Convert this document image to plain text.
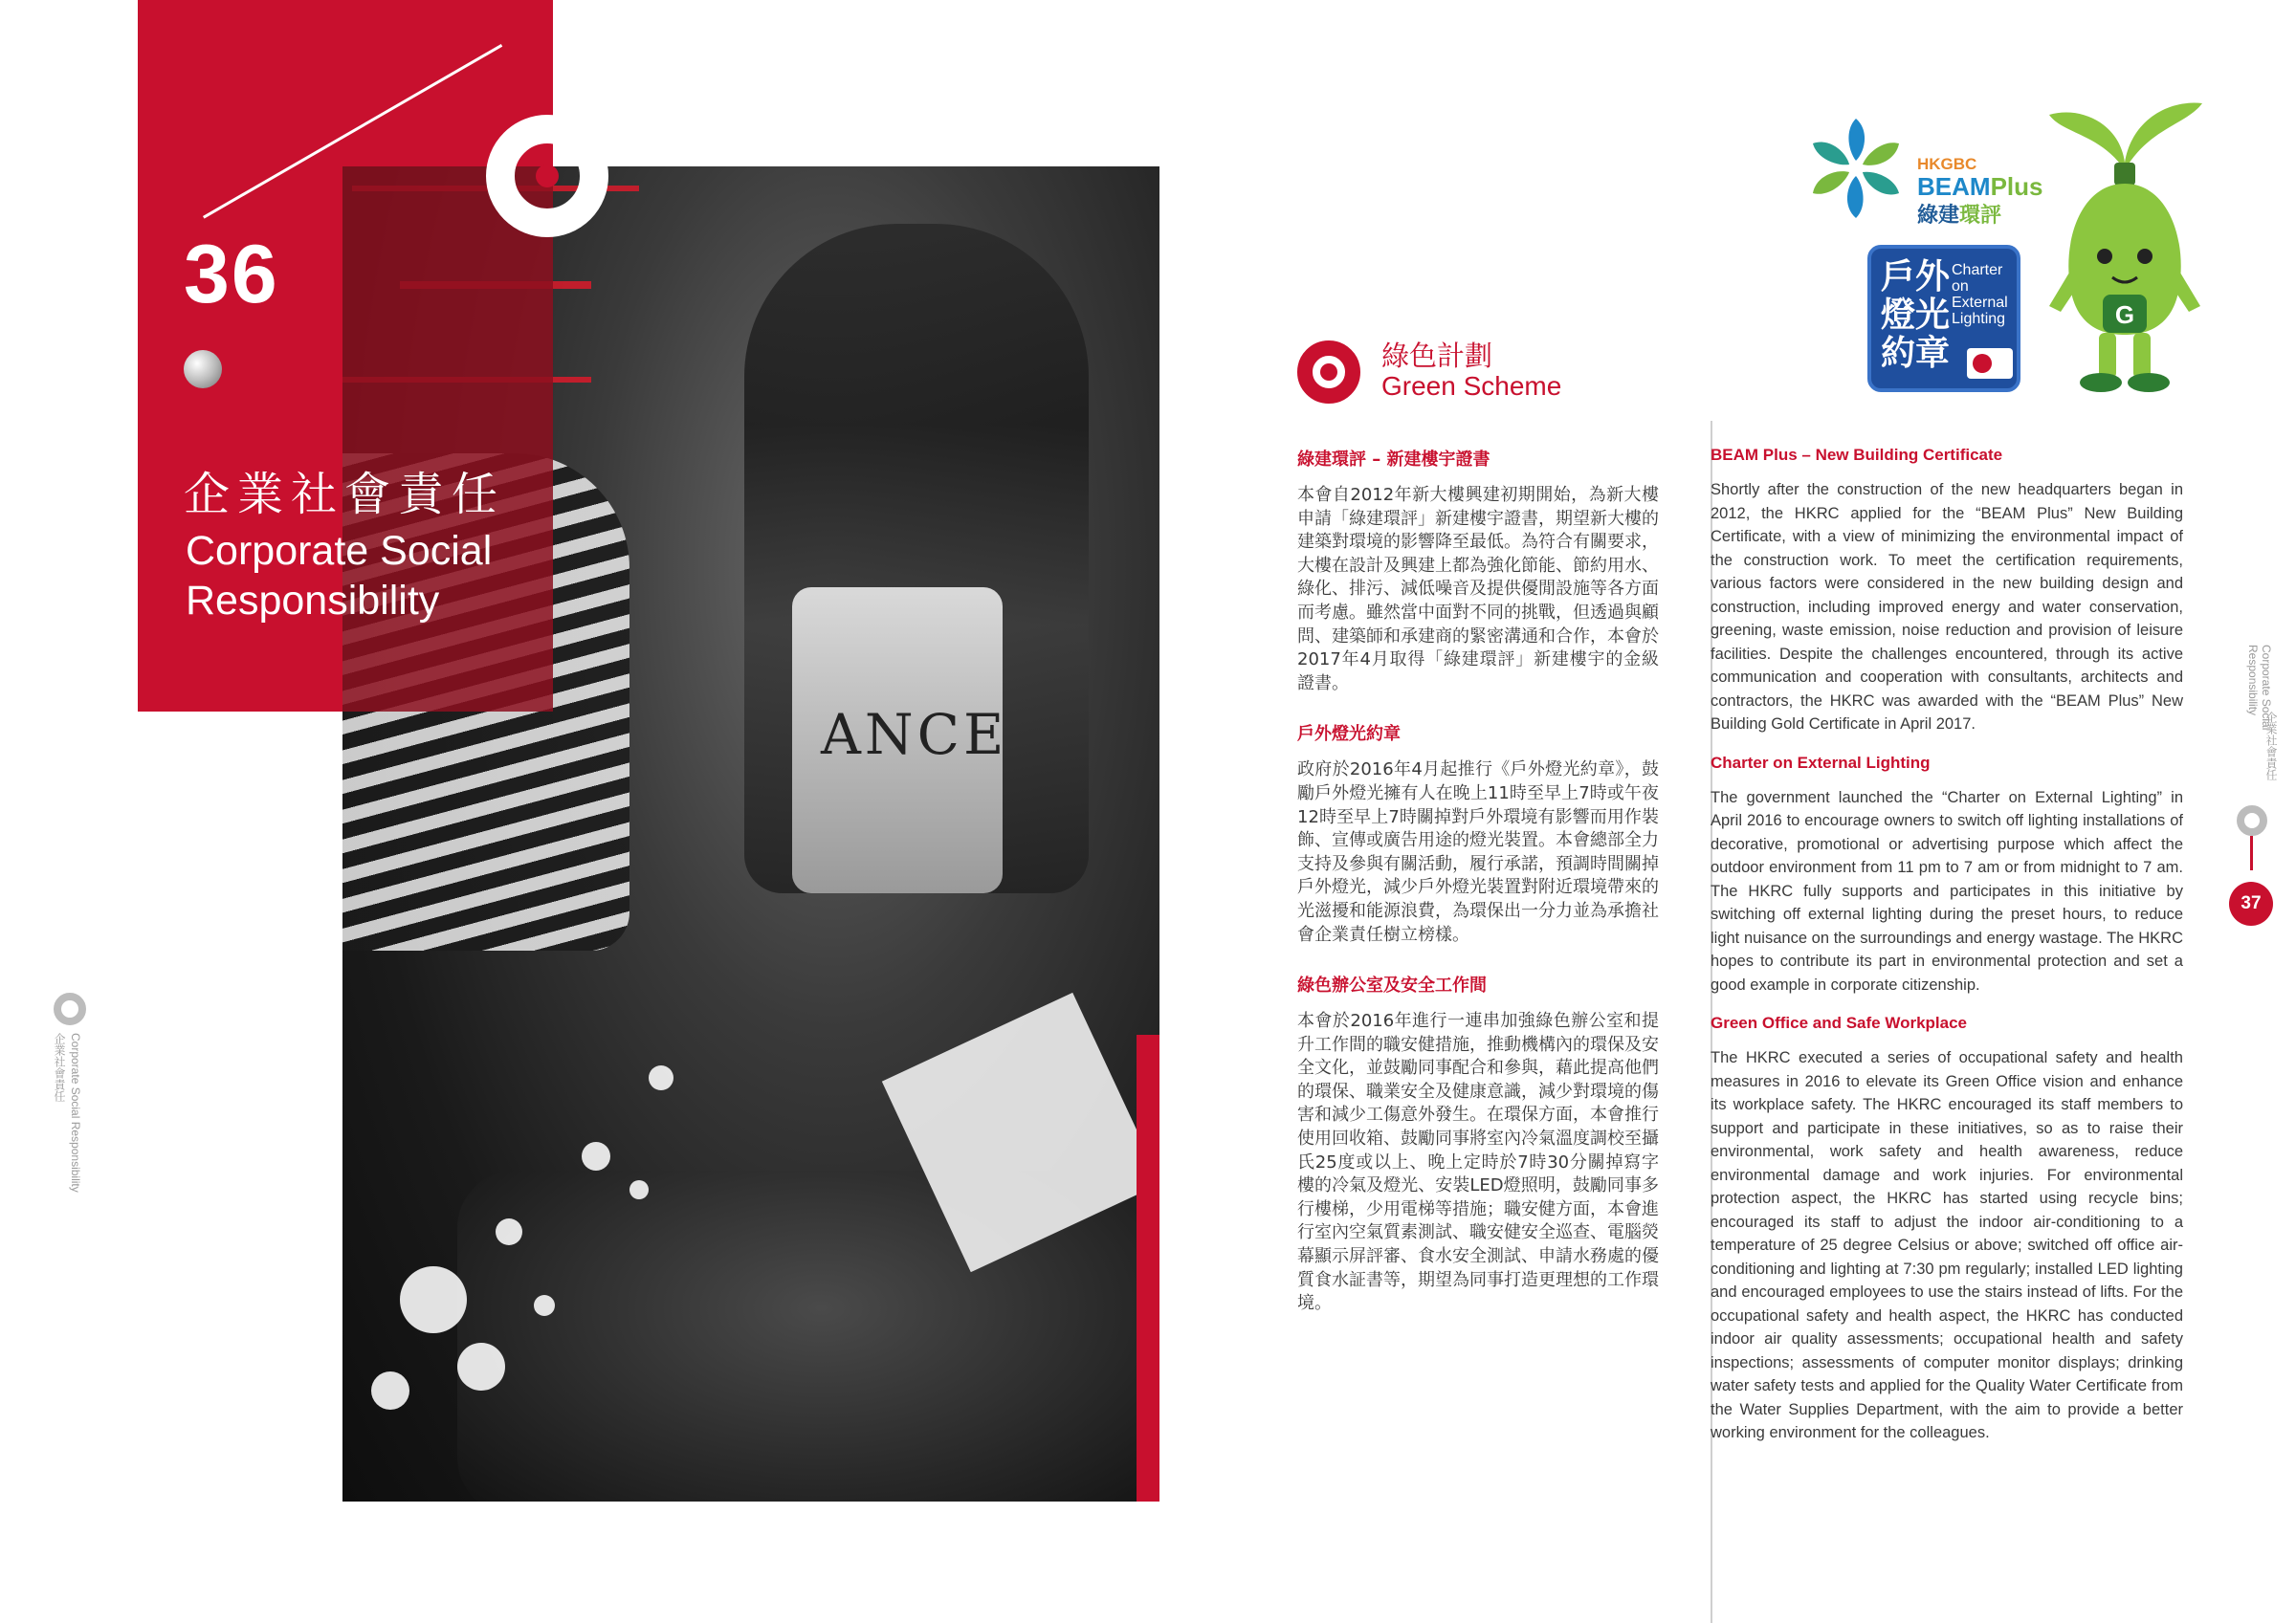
ANCE
36
企業社會責任
Corporate Social
Responsibility
企業社會責任 Corporate Social Responsibility
HKGBC
BEAMPlus
綠建環評
戶外燈光約章
Charter
on
External
Lighting	G
綠色計劃
Green Scheme
綠建環評 – 新建樓宇證書

本會自2012年新大樓興建初期開始，為新大樓申請「綠建環評」新建樓宇證書，期望新大樓的建築對環境的影響降至最低。為符合有關要求，大樓在設計及興建上都為強化節能、節約用水、綠化、排污、減低噪音及提供優閒設施等各方面而考慮。雖然當中面對不同的挑戰，但透過與顧問、建築師和承建商的緊密溝通和合作，本會於2017年4月取得「綠建環評」新建樓宇的金級證書。

戶外燈光約章

政府於2016年4月起推行《戶外燈光約章》，鼓勵戶外燈光擁有人在晚上11時至早上7時或午夜12時至早上7時關掉對戶外環境有影響而用作裝飾、宣傳或廣告用途的燈光裝置。本會總部全力支持及參與有關活動，履行承諾，預調時間關掉戶外燈光，減少戶外燈光裝置對附近環境帶來的光滋擾和能源浪費，為環保出一分力並為承擔社會企業責任樹立榜樣。

綠色辦公室及安全工作間

本會於2016年進行一連串加強綠色辦公室和提升工作間的職安健措施，推動機構內的環保及安全文化，並鼓勵同事配合和參與，藉此提高他們的環保、職業安全及健康意識，減少對環境的傷害和減少工傷意外發生。在環保方面，本會推行使用回收箱、鼓勵同事將室內冷氣溫度調校至攝氏25度或以上、晚上定時於7時30分關掉寫字樓的冷氣及燈光、安裝LED燈照明，鼓勵同事多行樓梯，少用電梯等措施；職安健方面，本會進行室內空氣質素測試、職安健安全巡查、電腦熒幕顯示屏評審、食水安全測試、申請水務處的優質食水証書等，期望為同事打造更理想的工作環境。

BEAM Plus – New Building Certificate

Shortly after the construction of the new headquarters began in 2012, the HKRC applied for the “BEAM Plus” New Building Certificate, with a view of minimizing the environmental impact of the construction work. To meet the certification requirements, various factors were considered in the new building design and construction, including improved energy and water conservation, greening, waste emission, noise reduction and provision of leisure facilities. Despite the challenges encountered, through its active communication and cooperation with consultants, architects and contractors, the HKRC was awarded with the “BEAM Plus” New Building Gold Certificate in April 2017.

Charter on External Lighting

The government launched the “Charter on External Lighting” in April 2016 to encourage owners to switch off lighting installations of decorative, promotional or advertising purpose which affect the outdoor environment from 11 pm to 7 am or from midnight to 7 am. The HKRC fully supports and participates in this initiative by switching off external lighting during the preset hours, to reduce light nuisance on the surroundings and energy wastage. The HKRC hopes to contribute its part in environmental protection and set a good example in corporate citizenship.

Green Office and Safe Workplace

The HKRC executed a series of occupational safety and health measures in 2016 to elevate its Green Office vision and enhance its workplace safety. The HKRC encouraged its staff members to support and participate in these initiatives, so as to raise their environmental, work safety and health awareness, reduce environmental damage and work injuries. For environmental protection aspect, the HKRC has started using recycle bins; encouraged its staff to adjust the indoor air-conditioning to a temperature of 25 degree Celsius or above; switched off office air-conditioning and lighting at 7:30 pm regularly; installed LED lighting and encouraged employees to use the stairs instead of lifts. For the occupational safety and health aspect, the HKRC has conducted indoor air quality assessments; occupational health and safety inspections; assessments of computer monitor displays; drinking water safety tests and applied for the Quality Water Certificate from the Water Supplies Department, with the aim to provide a better working environment for the colleagues.

Corporate Social Responsibility
企業社會責任
37
